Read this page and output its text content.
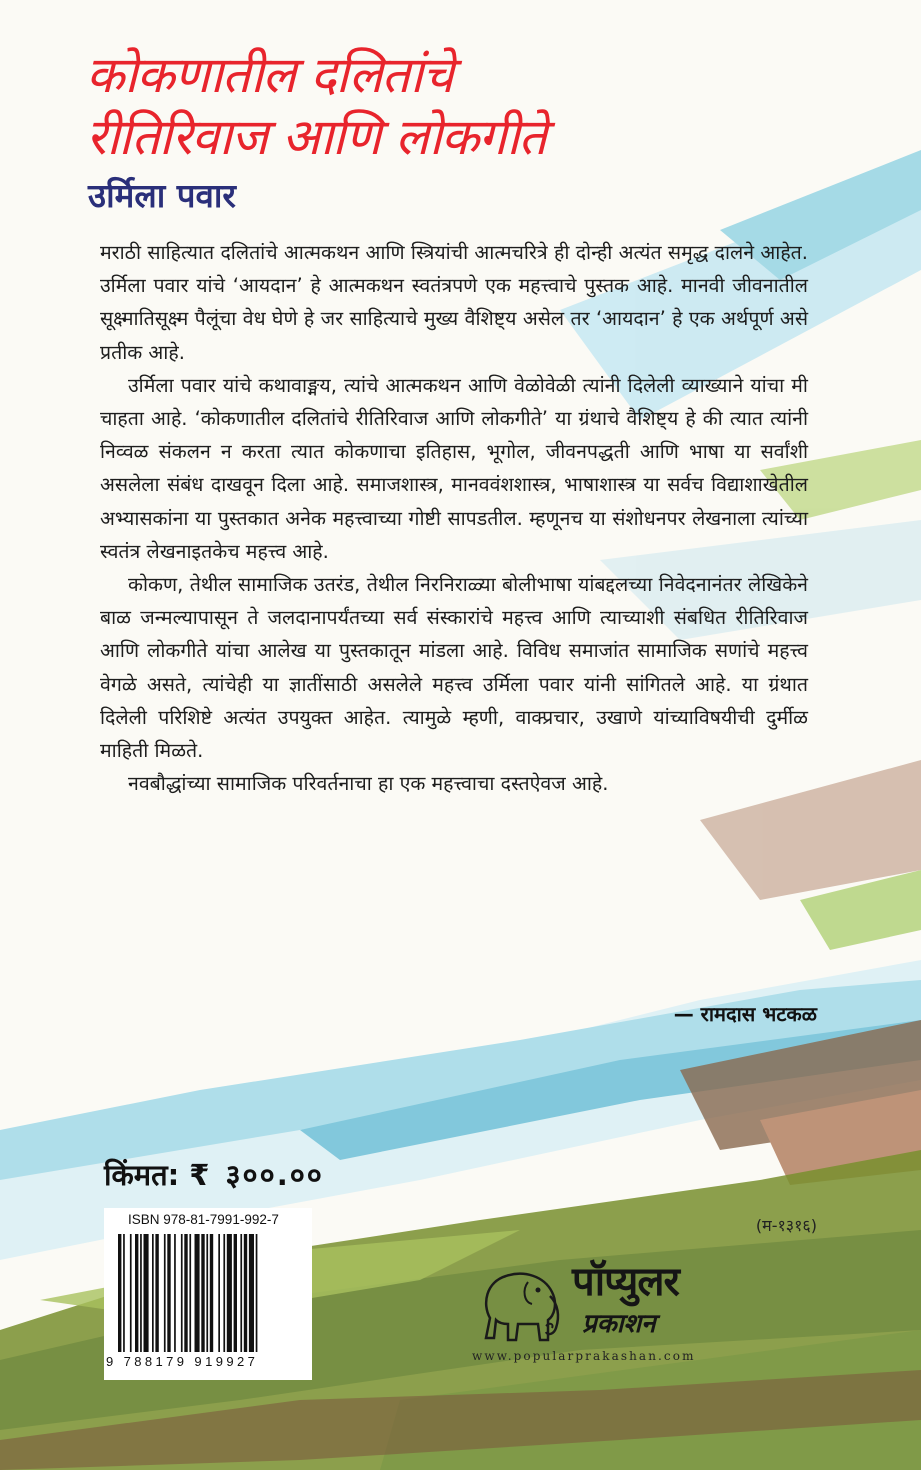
कोकणातील दलितांचे
रीतिरिवाज आणि लोकगीते
उर्मिला पवार

मराठी साहित्यात दलितांचे आत्मकथन आणि स्त्रियांची आत्मचरित्रे ही दोन्ही अत्यंत समृद्ध दालने आहेत. उर्मिला पवार यांचे ‘आयदान’ हे आत्मकथन स्वतंत्रपणे एक महत्त्वाचे पुस्तक आहे. मानवी जीवनातील सूक्ष्मातिसूक्ष्म पैलूंचा वेध घेणे हे जर साहित्याचे मुख्य वैशिष्ट्य असेल तर ‘आयदान’ हे एक अर्थपूर्ण असे प्रतीक आहे.

उर्मिला पवार यांचे कथावाङ्मय, त्यांचे आत्मकथन आणि वेळोवेळी त्यांनी दिलेली व्याख्याने यांचा मी चाहता आहे. ‘कोकणातील दलितांचे रीतिरिवाज आणि लोकगीते’ या ग्रंथाचे वैशिष्ट्य हे की त्यात त्यांनी निव्वळ संकलन न करता त्यात कोकणाचा इतिहास, भूगोल, जीवनपद्धती आणि भाषा या सर्वांशी असलेला संबंध दाखवून दिला आहे. समाजशास्त्र, मानववंशशास्त्र, भाषाशास्त्र या सर्वच विद्याशाखेतील अभ्यासकांना या पुस्तकात अनेक महत्त्वाच्या गोष्टी सापडतील. म्हणूनच या संशोधनपर लेखनाला त्यांच्या स्वतंत्र लेखनाइतकेच महत्त्व आहे.

कोकण, तेथील सामाजिक उतरंड, तेथील निरनिराळ्या बोलीभाषा यांबद्दलच्या निवेदनानंतर लेखिकेने बाळ जन्मल्यापासून ते जलदानापर्यंतच्या सर्व संस्कारांचे महत्त्व आणि त्याच्याशी संबधित रीतिरिवाज आणि लोकगीते यांचा आलेख या पुस्तकातून मांडला आहे. विविध समाजांत सामाजिक सणांचे महत्त्व वेगळे असते, त्यांचेही या ज्ञातींसाठी असलेले महत्त्व उर्मिला पवार यांनी सांगितले आहे. या ग्रंथात दिलेली परिशिष्टे अत्यंत उपयुक्त आहेत. त्यामुळे म्हणी, वाक्प्रचार, उखाणे यांच्याविषयीची दुर्मीळ माहिती मिळते.

नवबौद्धांच्या सामाजिक परिवर्तनाचा हा एक महत्त्वाचा दस्तऐवज आहे.

— रामदास भटकळ
किंमत: ₹ ३००.००
ISBN 978-81-7991-992-7
9 788179 919927
(म-१३१६)
पॉप्युलर
प्रकाशन
www.popularprakashan.com
